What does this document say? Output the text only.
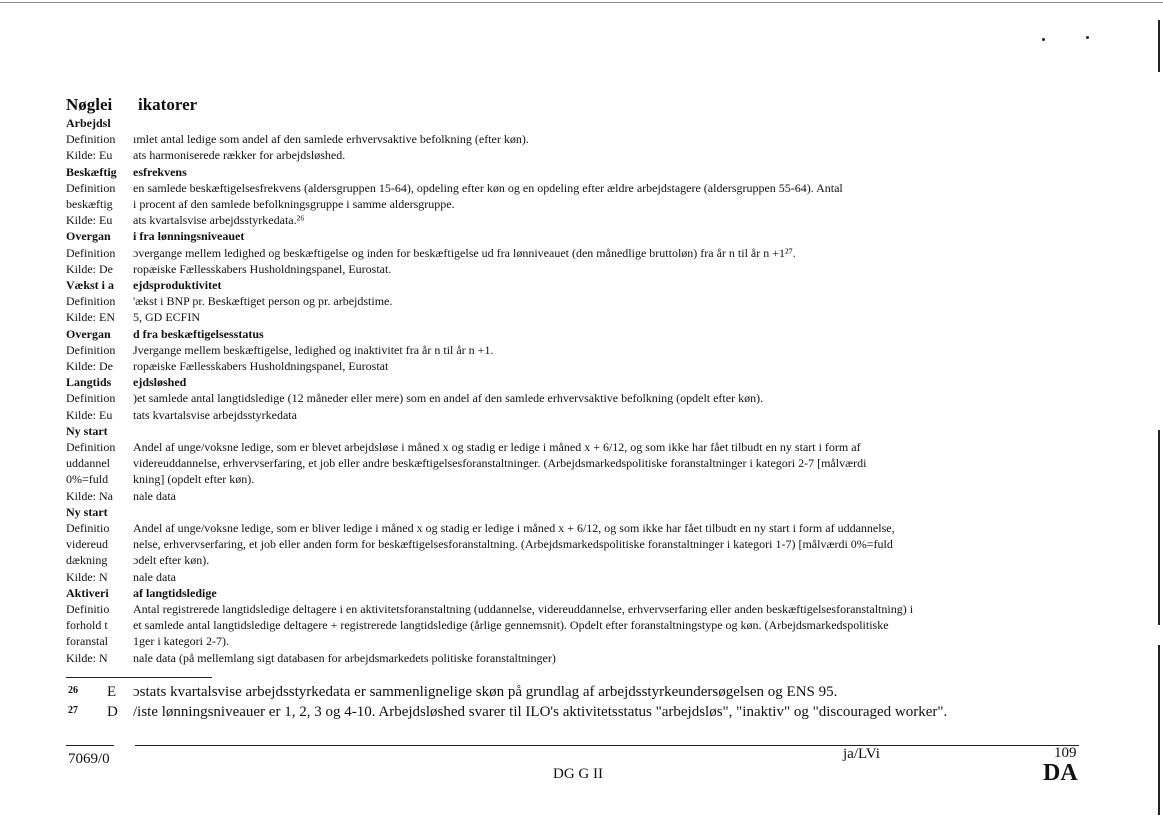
Nøglei	ikatorer
Arbejdsl
Definition	ımlet antal ledige som andel af den samlede erhvervsaktive befolkning (efter køn).
Kilde: Eu	ats harmoniserede rækker for arbejdsløshed.
Beskæftig	esfrekvens
Definition	en samlede beskæftigelsesfrekvens (aldersgruppen 15-64), opdeling efter køn og en opdeling efter ældre arbejdstagere (aldersgruppen 55-64). Antal
beskæftig	i procent af den samlede befolkningsgruppe i samme aldersgruppe.
Kilde: Eu	ats kvartalsvise arbejdsstyrkedata.²⁶
Overgan	i fra lønningsniveauet
Definition	ɔvergange mellem ledighed og beskæftigelse og inden for beskæftigelse ud fra lønniveauet (den månedlige bruttoløn) fra år n til år n +1²⁷.
Kilde: De	ropæiske Fællesskabers Husholdningspanel, Eurostat.
Vækst i a	ejdsproduktivitet
Definition	'ækst i BNP pr. Beskæftiget person og pr. arbejdstime.
Kilde: EN	5, GD ECFIN
Overgan	d fra beskæftigelsesstatus
Definition	Jvergange mellem beskæftigelse, ledighed og inaktivitet fra år n til år n +1.
Kilde: De	ropæiske Fællesskabers Husholdningspanel, Eurostat
Langtids	ejdsløshed
Definition	)et samlede antal langtidsledige (12 måneder eller mere) som en andel af den samlede erhvervsaktive befolkning (opdelt efter køn).
Kilde: Eu	tats kvartalsvise arbejdsstyrkedata
Ny start
Definition	Andel af unge/voksne ledige, som er blevet arbejdsløse i måned x og stadig er ledige i måned x + 6/12, og som ikke har fået tilbudt en ny start i form af
uddannel	videreuddannelse, erhvervserfaring, et job eller andre beskæftigelsesforanstaltninger. (Arbejdsmarkedspolitiske foranstaltninger i kategori 2-7 [målværdi
0%=fuld	kning] (opdelt efter køn).
Kilde: Na	nale data
Ny start
Definitio	Andel af unge/voksne ledige, som er bliver ledige i måned x og stadig er ledige i måned x + 6/12, og som ikke har fået tilbudt en ny start i form af uddannelse,
videreud	nelse, erhvervserfaring, et job eller anden form for beskæftigelsesforanstaltning. (Arbejdsmarkedspolitiske foranstaltninger i kategori 1-7) [målværdi 0%=fuld
dækning	ɔdelt efter køn).
Kilde: N	nale data
Aktiveri	af langtidsledige
Definitio	Antal registrerede langtidsledige deltagere i en aktivitetsforanstaltning (uddannelse, videreuddannelse, erhvervserfaring eller anden beskæftigelsesforanstaltning) i
forhold t	et samlede antal langtidsledige deltagere + registrerede langtidsledige (årlige gennemsnit). Opdelt efter foranstaltningstype og køn. (Arbejdsmarkedspolitiske
foranstal	1ger i kategori 2-7).
Kilde: N	nale data (på mellemlang sigt databasen for arbejdsmarkedets politiske foranstaltninger)
26 E ɔstats kvartalsvise arbejdsstyrkedata er sammenlignelige skøn på grundlag af arbejdsstyrkeundersøgelsen og ENS 95.
27 D /iste lønningsniveauer er 1, 2, 3 og 4-10. Arbejdsløshed svarer til ILO's aktivitetsstatus "arbejdsløs", "inaktiv" og "discouraged worker".
7069/0
DG G II
ja/LVi	109
DA
